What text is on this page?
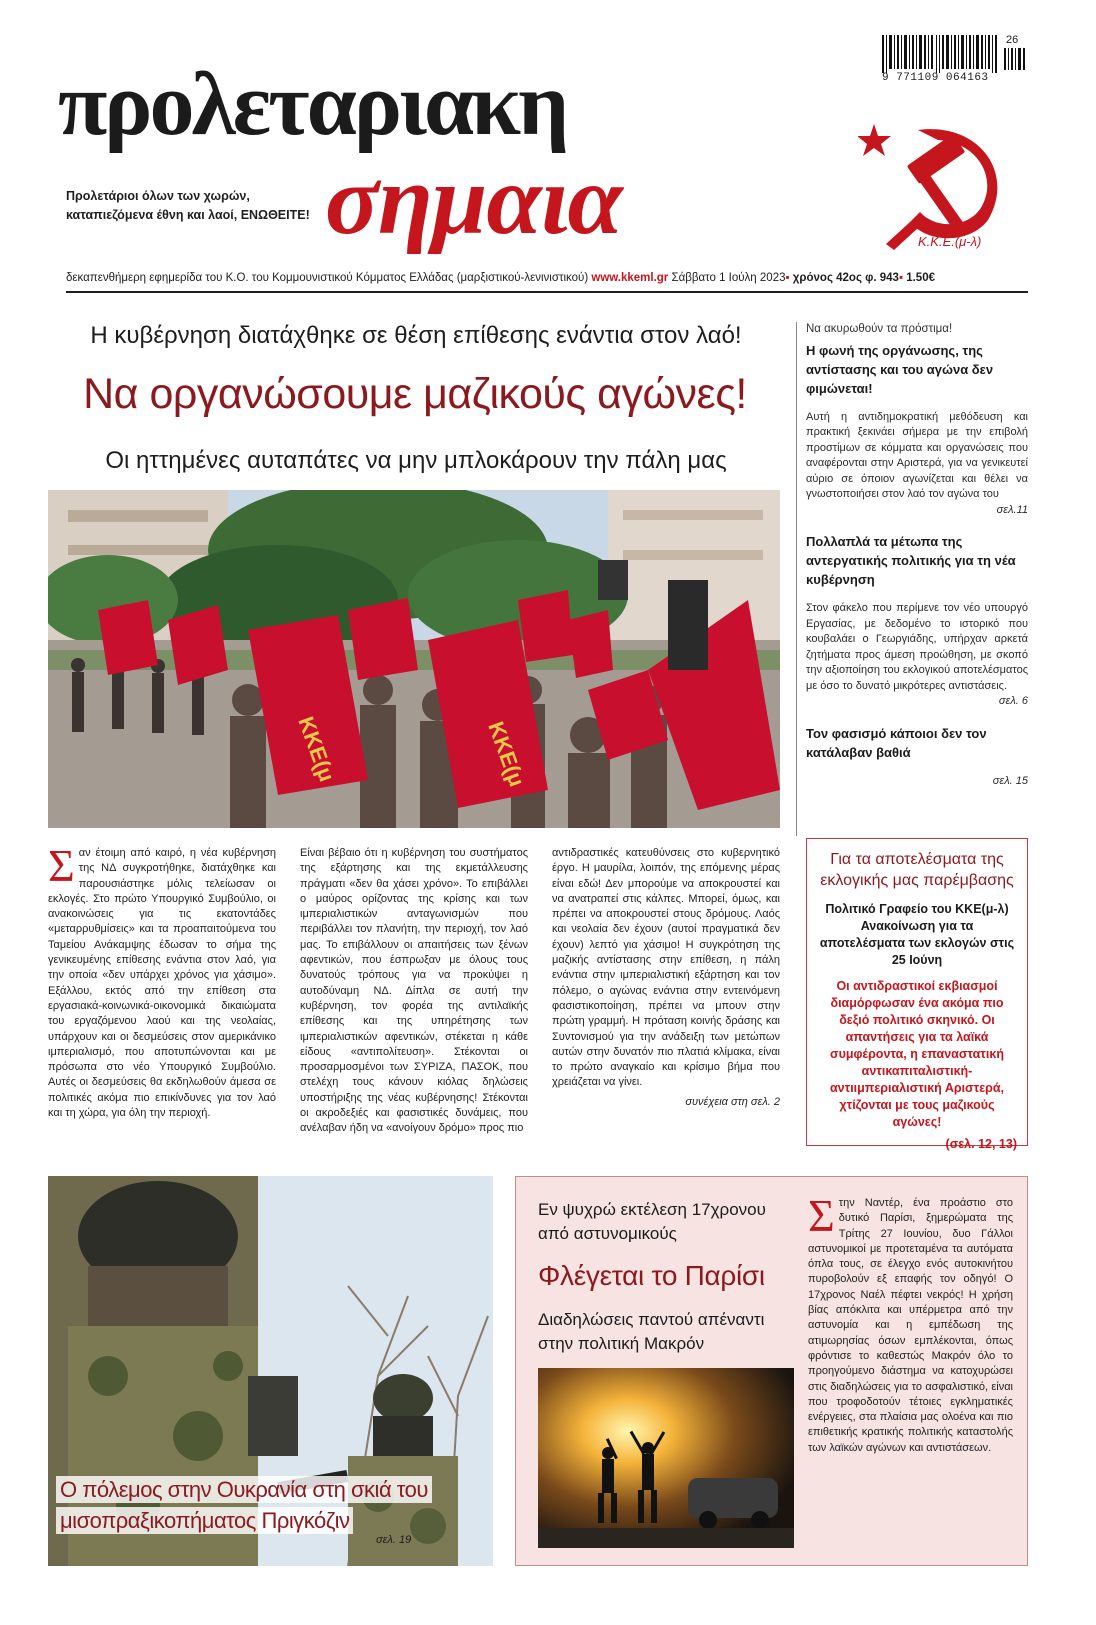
προλεταριακη
σημαια
Προλετάριοι όλων των χωρών,
καταπιεζόμενα έθνη και λαοί, ΕΝΩΘΕΙΤΕ!
9 771109 064163
26
Κ.Κ.Ε.(μ-λ)
δεκαπενθήμερη εφημερίδα του Κ.Ο. του Κομμουνιστικού Κόμματος Ελλάδας (μαρξιστικού-λενινιστικού) www.kkeml.gr Σάββατο 1 Ιούλη 2023▪ χρόνος 42ος φ. 943▪ 1.50€
Η κυβέρνηση διατάχθηκε σε θέση επίθεσης ενάντια στον λαό!
Να οργανώσουμε μαζικούς αγώνες!
Οι ηττημένες αυταπάτες να μην μπλοκάρουν την πάλη μας
ΚΚΕ(μ	ΚΚΕ(μ
Σαν έτοιμη από καιρό, η νέα κυβέρνηση της ΝΔ συγκροτήθηκε, διατάχθηκε και παρουσιάστηκε μόλις τελείωσαν οι εκλογές. Στο πρώτο Υπουργικό Συμβούλιο, οι ανακοινώσεις για τις εκατοντάδες «μεταρρυθμίσεις» και τα προαπαιτούμενα του Ταμείου Ανάκαμψης έδωσαν το σήμα της γενικευμένης επίθεσης ενάντια στον λαό, για την οποία «δεν υπάρχει χρόνος για χάσιμο». Εξάλλου, εκτός από την επίθεση στα εργασιακά-κοινωνικά-οικονομικά δικαιώματα του εργαζόμενου λαού και της νεολαίας, υπάρχουν και οι δεσμεύσεις στον αμερικάνικο ιμπεριαλισμό, που αποτυπώνονται και με πρόσωπα στο νέο Υπουργικό Συμβούλιο. Αυτές οι δεσμεύσεις θα εκδηλωθούν άμεσα σε πολιτικές ακόμα πιο επικίνδυνες για τον λαό και τη χώρα, για όλη την περιοχή.
Είναι βέβαιο ότι η κυβέρνηση του συστήματος της εξάρτησης και της εκμετάλλευσης πράγματι «δεν θα χάσει χρόνο». Το επιβάλλει ο μαύρος ορίζοντας της κρίσης και των ιμπεριαλιστικών ανταγωνισμών που περιβάλλει τον πλανήτη, την περιοχή, τον λαό μας. Το επιβάλλουν οι απαιτήσεις των ξένων αφεντικών, που έσπρωξαν με όλους τους δυνατούς τρόπους για να προκύψει η αυτοδύναμη ΝΔ. Δίπλα σε αυτή την κυβέρνηση, τον φορέα της αντιλαϊκής επίθεσης και της υπηρέτησης των ιμπεριαλιστικών αφεντικών, στέκεται η κάθε είδους «αντιπολίτευση». Στέκονται οι προσαρμοσμένοι των ΣΥΡΙΖΑ, ΠΑΣΟΚ, που στελέχη τους κάνουν κιόλας δηλώσεις υποστήριξης της νέας κυβέρνησης! Στέκονται οι ακροδεξιές και φασιστικές δυνάμεις, που ανέλαβαν ήδη να «ανοίγουν δρόμο» προς πιο
αντιδραστικές κατευθύνσεις στο κυβερνητικό έργο. Η μαυρίλα, λοιπόν, της επόμενης μέρας είναι εδώ! Δεν μπορούμε να αποκρουστεί και να ανατραπεί στις κάλπες. Μπορεί, όμως, και πρέπει να αποκρουστεί στους δρόμους. Λαός και νεολαία δεν έχουν (αυτοί πραγματικά δεν έχουν) λεπτό για χάσιμο! Η συγκρότηση της μαζικής αντίστασης στην επίθεση, η πάλη ενάντια στην ιμπεριαλιστική εξάρτηση και τον πόλεμο, ο αγώνας ενάντια στην εντεινόμενη φασιστικοποίηση, πρέπει να μπουν στην πρώτη γραμμή. Η πρόταση κοινής δράσης και Συντονισμού για την ανάδειξη των μετώπων αυτών στην δυνατόν πιο πλατιά κλίμακα, είναι το πρώτο αναγκαίο και κρίσιμο βήμα που χρειάζεται να γίνει.
συνέχεια στη σελ. 2
Να ακυρωθούν τα πρόστιμα!
Η φωνή της οργάνωσης, της αντίστασης και του αγώνα δεν φιμώνεται!
Αυτή η αντιδημοκρατική μεθόδευση και πρακτική ξεκινάει σήμερα με την επιβολή προστίμων σε κόμματα και οργανώσεις που αναφέρονται στην Αριστερά, για να γενικευτεί αύριο σε όποιον αγωνίζεται και θέλει να γνωστοποιήσει στον λαό τον αγώνα του
σελ.11
Πολλαπλά τα μέτωπα της αντεργατικής πολιτικής για τη νέα κυβέρνηση
Στον φάκελο που περίμενε τον νέο υπουργό Εργασίας, με δεδομένο το ιστορικό που κουβαλάει ο Γεωργιάδης, υπήρχαν αρκετά ζητήματα προς άμεση προώθηση, με σκοπό την αξιοποίηση του εκλογικού αποτελέσματος με όσο το δυνατό μικρότερες αντιστάσεις.
σελ. 6
Τον φασισμό κάποιοι δεν τον κατάλαβαν βαθιά
σελ. 15
Για τα αποτελέσματα της εκλογικής μας παρέμβασης
Πολιτικό Γραφείο του ΚΚΕ(μ-λ) Ανακοίνωση για τα αποτελέσματα των εκλογών στις 25 Ιούνη
Οι αντιδραστικοί εκβιασμοί διαμόρφωσαν ένα ακόμα πιο δεξιό πολιτικό σκηνικό. Οι απαντήσεις για τα λαϊκά συμφέροντα, η επαναστατική αντικαπιταλιστική-αντιιμπεριαλιστική Αριστερά, χτίζονται με τους μαζικούς αγώνες!
(σελ. 12, 13)
Ο πόλεμος στην Ουκρανία στη σκιά του μισοπραξικοπήματος Πριγκόζιν
σελ. 19
Εν ψυχρώ εκτέλεση 17χρονου από αστυνομικούς
Φλέγεται το Παρίσι
Διαδηλώσεις παντού απέναντι στην πολιτική Μακρόν
Στην Ναντέρ, ένα προάστιο στο δυτικό Παρίσι, ξημερώματα της Τρίτης 27 Ιουνίου, δυο Γάλλοι αστυνομικοί με προτεταμένα τα αυτόματα όπλα τους, σε έλεγχο ενός αυτοκινήτου πυροβολούν εξ επαφής τον οδηγό! Ο 17χρονος Ναέλ πέφτει νεκρός! Η χρήση βίας απόκλιτα και υπέρμετρα από την αστυνομία και η εμπέδωση της ατιμωρησίας όσων εμπλέκονται, όπως φρόντισε το καθεστώς Μακρόν όλο το προηγούμενο διάστημα να κατοχυρώσει στις διαδηλώσεις για το ασφαλιστικό, είναι που τροφοδοτούν τέτοιες εγκληματικές ενέργειες, στα πλαίσια μας ολοένα και πιο επιθετικής κρατικής πολιτικής καταστολής των λαϊκών αγώνων και αντιστάσεων.
